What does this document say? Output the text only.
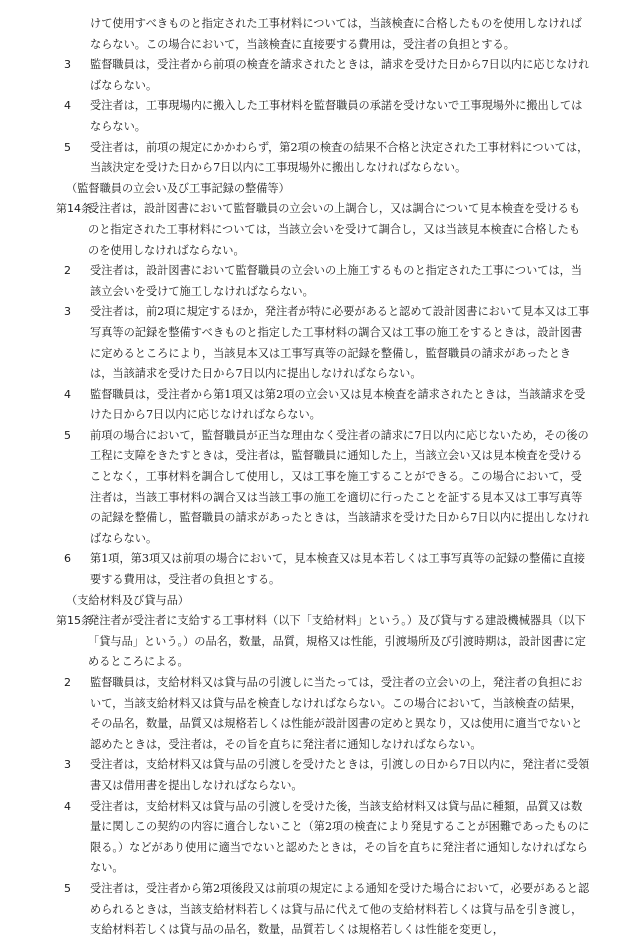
けて使用すべきものと指定された工事材料については，当該検査に合格したものを使用しなければならない。この場合において，当該検査に直接要する費用は，受注者の負担とする。
3	監督職員は，受注者から前項の検査を請求されたときは，請求を受けた日から7日以内に応じなければならない。
4	受注者は，工事現場内に搬入した工事材料を監督職員の承諾を受けないで工事現場外に搬出してはならない。
5	受注者は，前項の規定にかかわらず，第2項の検査の結果不合格と決定された工事材料については，当該決定を受けた日から7日以内に工事現場外に搬出しなければならない。
（監督職員の立会い及び工事記録の整備等）
第14条
受注者は，設計図書において監督職員の立会いの上調合し，又は調合について見本検査を受けるものと指定された工事材料については，当該立会いを受けて調合し，又は当該見本検査に合格したものを使用しなければならない。
2	受注者は，設計図書において監督職員の立会いの上施工するものと指定された工事については，当該立会いを受けて施工しなければならない。
3	受注者は，前2項に規定するほか，発注者が特に必要があると認めて設計図書において見本又は工事写真等の記録を整備すべきものと指定した工事材料の調合又は工事の施工をするときは，設計図書に定めるところにより，当該見本又は工事写真等の記録を整備し，監督職員の請求があったときは，当該請求を受けた日から7日以内に提出しなければならない。
4	監督職員は，受注者から第1項又は第2項の立会い又は見本検査を請求されたときは，当該請求を受けた日から7日以内に応じなければならない。
5	前項の場合において，監督職員が正当な理由なく受注者の請求に7日以内に応じないため，その後の工程に支障をきたすときは，受注者は，監督職員に通知した上，当該立会い又は見本検査を受けることなく，工事材料を調合して使用し，又は工事を施工することができる。この場合において，受注者は，当該工事材料の調合又は当該工事の施工を適切に行ったことを証する見本又は工事写真等の記録を整備し，監督職員の請求があったときは，当該請求を受けた日から7日以内に提出しなければならない。
6	第1項，第3項又は前項の場合において，見本検査又は見本若しくは工事写真等の記録の整備に直接要する費用は，受注者の負担とする。
（支給材料及び貸与品）
第15条
発注者が受注者に支給する工事材料（以下「支給材料」という。）及び貸与する建設機械器具（以下「貸与品」という。）の品名，数量，品質，規格又は性能，引渡場所及び引渡時期は，設計図書に定めるところによる。
2	監督職員は，支給材料又は貸与品の引渡しに当たっては，受注者の立会いの上，発注者の負担において，当該支給材料又は貸与品を検査しなければならない。この場合において，当該検査の結果，その品名，数量，品質又は規格若しくは性能が設計図書の定めと異なり，又は使用に適当でないと認めたときは，受注者は，その旨を直ちに発注者に通知しなければならない。
3	受注者は，支給材料又は貸与品の引渡しを受けたときは，引渡しの日から7日以内に，発注者に受領書又は借用書を提出しなければならない。
4	受注者は，支給材料又は貸与品の引渡しを受けた後，当該支給材料又は貸与品に種類，品質又は数量に関しこの契約の内容に適合しないこと（第2項の検査により発見することが困難であったものに限る。）などがあり使用に適当でないと認めたときは，その旨を直ちに発注者に通知しなければならない。
5	受注者は，受注者から第2項後段又は前項の規定による通知を受けた場合において，必要があると認められるときは，当該支給材料若しくは貸与品に代えて他の支給材料若しくは貸与品を引き渡し，支給材料若しくは貸与品の品名，数量，品質若しくは規格若しくは性能を変更し，
